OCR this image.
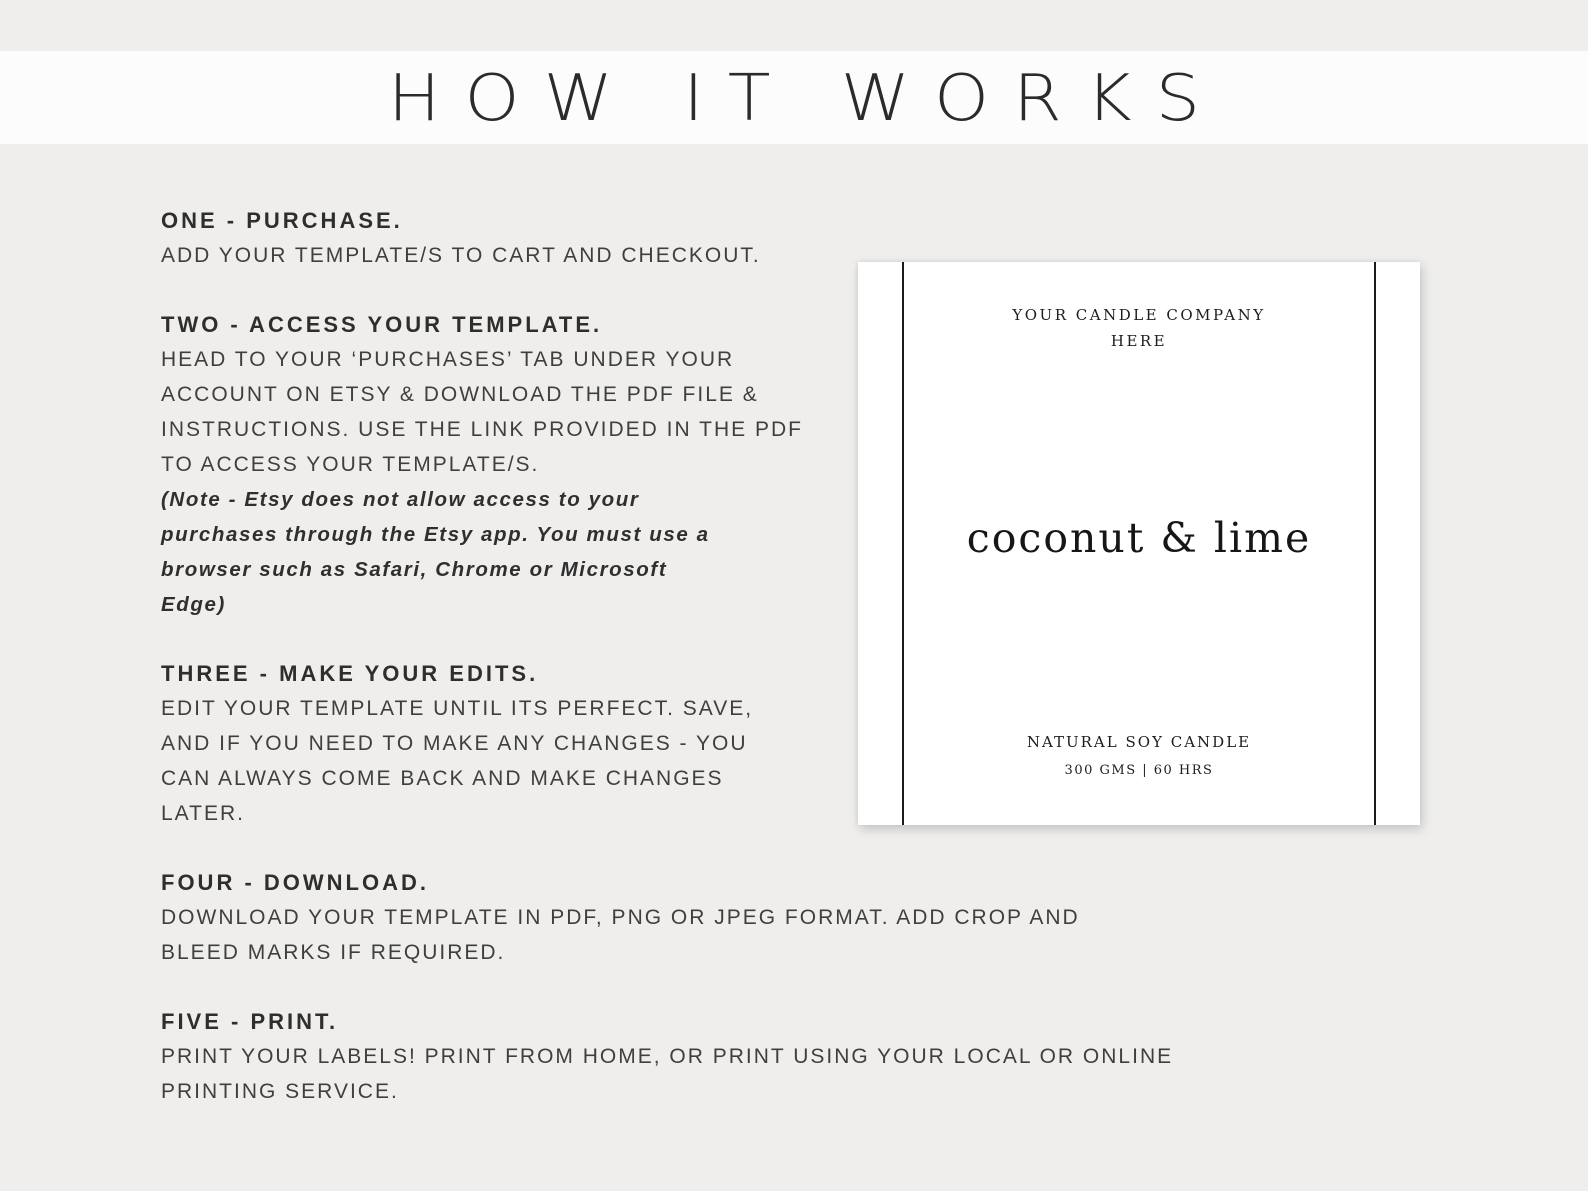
HOW IT WORKS

ONE - PURCHASE.

ADD YOUR TEMPLATE/S TO CART AND CHECKOUT.

TWO - ACCESS YOUR TEMPLATE.

HEAD TO YOUR ‘PURCHASES’ TAB UNDER YOUR

ACCOUNT ON ETSY & DOWNLOAD THE PDF FILE &

INSTRUCTIONS. USE THE LINK PROVIDED IN THE PDF

TO ACCESS YOUR TEMPLATE/S.

(Note - Etsy does not allow access to your

purchases through the Etsy app. You must use a

browser such as Safari, Chrome or Microsoft

Edge)

THREE - MAKE YOUR EDITS.

EDIT YOUR TEMPLATE UNTIL ITS PERFECT. SAVE,

AND IF YOU NEED TO MAKE ANY CHANGES - YOU

CAN ALWAYS COME BACK AND MAKE CHANGES

LATER.

FOUR - DOWNLOAD.

DOWNLOAD YOUR TEMPLATE IN PDF, PNG OR JPEG FORMAT. ADD CROP AND

BLEED MARKS IF REQUIRED.

FIVE - PRINT.

PRINT YOUR LABELS! PRINT FROM HOME, OR PRINT USING YOUR LOCAL OR ONLINE

PRINTING SERVICE.

YOUR CANDLE COMPANY
HERE
coconut & lime
NATURAL SOY CANDLE
300 GMS | 60 HRS
